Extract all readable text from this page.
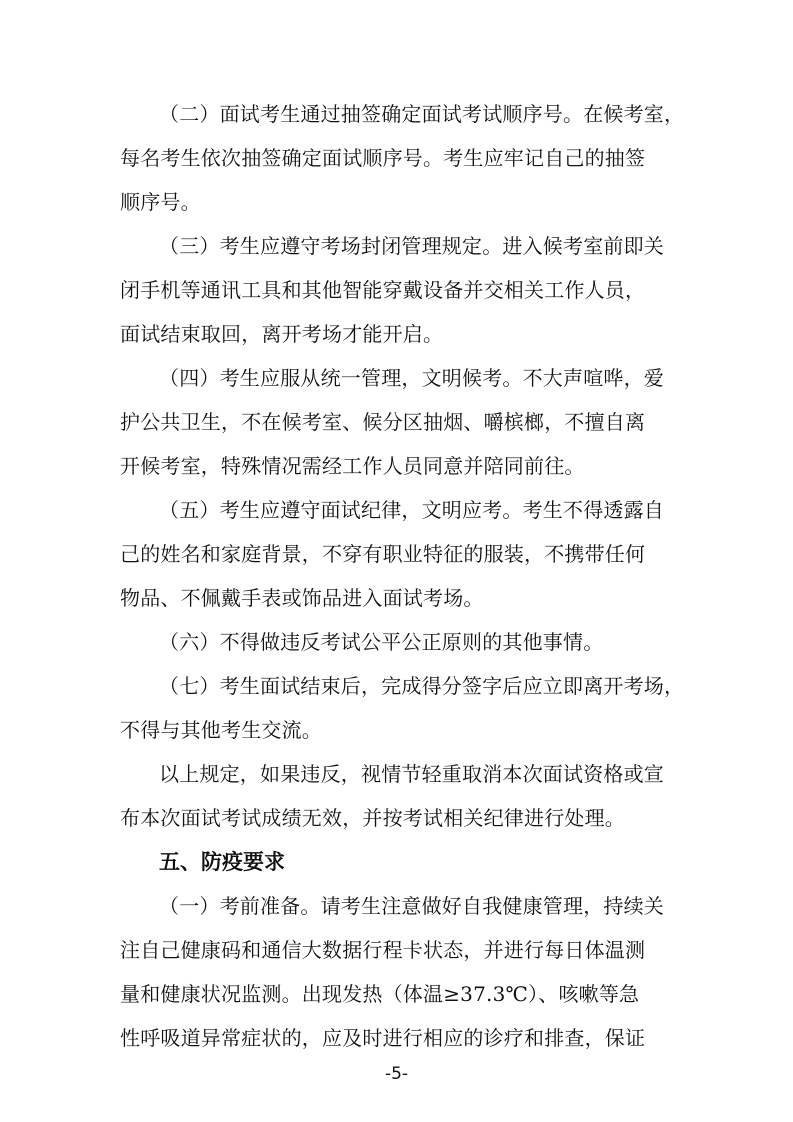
（二）面试考生通过抽签确定面试考试顺序号。在候考室，
每名考生依次抽签确定面试顺序号。考生应牢记自己的抽签
顺序号。
（三）考生应遵守考场封闭管理规定。进入候考室前即关
闭手机等通讯工具和其他智能穿戴设备并交相关工作人员，
面试结束取回，离开考场才能开启。
（四）考生应服从统一管理，文明候考。不大声喧哗，爱
护公共卫生，不在候考室、候分区抽烟、嚼槟榔，不擅自离
开候考室，特殊情况需经工作人员同意并陪同前往。
（五）考生应遵守面试纪律，文明应考。考生不得透露自
己的姓名和家庭背景，不穿有职业特征的服装，不携带任何
物品、不佩戴手表或饰品进入面试考场。
（六）不得做违反考试公平公正原则的其他事情。
（七）考生面试结束后，完成得分签字后应立即离开考场，
不得与其他考生交流。
以上规定，如果违反，视情节轻重取消本次面试资格或宣
布本次面试考试成绩无效，并按考试相关纪律进行处理。
五、防疫要求
（一）考前准备。请考生注意做好自我健康管理，持续关
注自己健康码和通信大数据行程卡状态，并进行每日体温测
量和健康状况监测。出现发热（体温≥37.3℃）、咳嗽等急
性呼吸道异常症状的，应及时进行相应的诊疗和排查，保证
-5-
